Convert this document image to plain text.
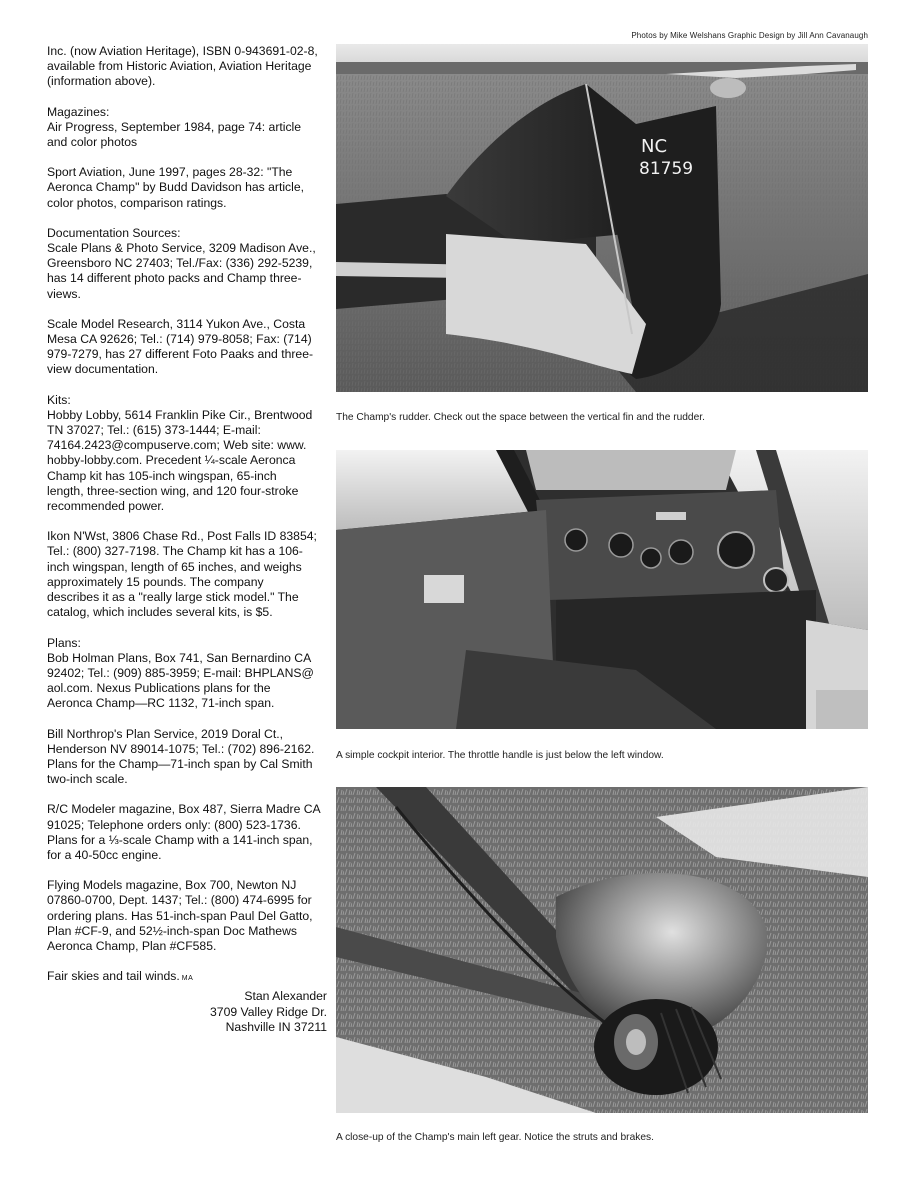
Photos by Mike Welshans Graphic Design by Jill Ann Cavanaugh
Inc. (now Aviation Heritage), ISBN 0-943691-02-8,
available from Historic Aviation, Aviation Heritage
(information above).
Magazines:
Air Progress, September 1984, page 74: article
and color photos
Sport Aviation, June 1997, pages 28-32: "The
Aeronca Champ" by Budd Davidson has article,
color photos, comparison ratings.
Documentation Sources:
Scale Plans & Photo Service, 3209 Madison Ave.,
Greensboro NC 27403; Tel./Fax: (336) 292-5239,
has 14 different photo packs and Champ three-
views.
Scale Model Research, 3114 Yukon Ave., Costa
Mesa CA 92626; Tel.: (714) 979-8058; Fax: (714)
979-7279, has 27 different Foto Paaks and three-
view documentation.
Kits:
Hobby Lobby, 5614 Franklin Pike Cir., Brentwood
TN 37027; Tel.: (615) 373-1444; E-mail:
74164.2423@compuserve.com; Web site: www.
hobby-lobby.com. Precedent ¼-scale Aeronca
Champ kit has 105-inch wingspan, 65-inch
length, three-section wing, and 120 four-stroke
recommended power.
Ikon N'Wst, 3806 Chase Rd., Post Falls ID 83854;
Tel.: (800) 327-7198. The Champ kit has a 106-
inch wingspan, length of 65 inches, and weighs
approximately 15 pounds. The company
describes it as a "really large stick model." The
catalog, which includes several kits, is $5.
Plans:
Bob Holman Plans, Box 741, San Bernardino CA
92402; Tel.: (909) 885-3959; E-mail: BHPLANS@
aol.com. Nexus Publications plans for the
Aeronca Champ—RC 1132, 71-inch span.
Bill Northrop's Plan Service, 2019 Doral Ct.,
Henderson NV 89014-1075; Tel.: (702) 896-2162.
Plans for the Champ—71-inch span by Cal Smith
two-inch scale.
R/C Modeler magazine, Box 487, Sierra Madre CA
91025; Telephone orders only: (800) 523-1736.
Plans for a ⅓-scale Champ with a 141-inch span,
for a 40-50cc engine.
Flying Models magazine, Box 700, Newton NJ
07860-0700, Dept. 1437; Tel.: (800) 474-6995 for
ordering plans. Has 51-inch-span Paul Del Gatto,
Plan #CF-9, and 52½-inch-span Doc Mathews
Aeronca Champ, Plan #CF585.
Fair skies and tail winds. MA
Stan Alexander
3709 Valley Ridge Dr.
Nashville IN 37211
NC
81759
The Champ's rudder. Check out the space between the vertical fin and the rudder.
A simple cockpit interior. The throttle handle is just below the left window.
A close-up of the Champ's main left gear. Notice the struts and brakes.
